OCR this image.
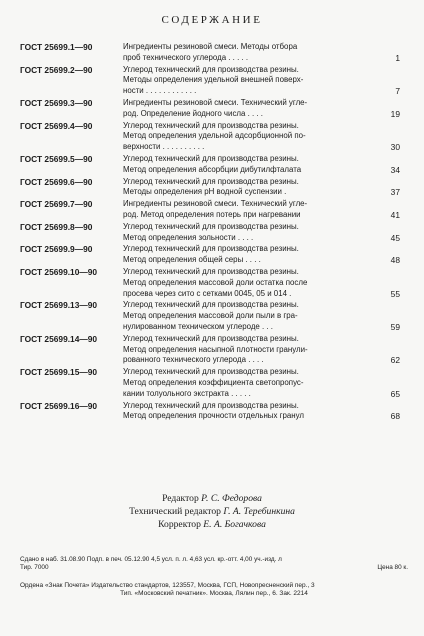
СОДЕРЖАНИЕ
ГОСТ 25699.1—90	Ингредиенты резиновой смеси. Методы отбора
проб технического углерода . . . . .	1
ГОСТ 25699.2—90	Углерод технический для производства резины.
Методы определения удельной внешней поверх-
ности . . . . . . . . . . . .	7
ГОСТ 25699.3—90	Ингредиенты резиновой смеси. Технический угле-
род. Определение йодного числа . . . .	19
ГОСТ 25699.4—90	Углерод технический для производства резины.
Метод определения удельной адсорбционной по-
верхности . . . . . . . . . .	30
ГОСТ 25699.5—90	Углерод технический для производства резины.
Метод определения абсорбции дибутилфталата	34
ГОСТ 25699.6—90	Углерод технический для производства резины.
Методы определения pH водной суспензии .	37
ГОСТ 25699.7—90	Ингредиенты резиновой смеси. Технический угле-
род. Метод определения потерь при нагревании	41
ГОСТ 25699.8—90	Углерод технический для производства резины.
Метод определения зольности . . . .	45
ГОСТ 25699.9—90	Углерод технический для производства резины.
Метод определения общей серы . . . .	48
ГОСТ 25699.10—90	Углерод технический для производства резины.
Метод определения массовой доли остатка после
просева через сито с сетками 0045, 05 и 014 .	55
ГОСТ 25699.13—90	Углерод технический для производства резины.
Метод определения массовой доли пыли в гра-
нулированном техническом углероде . . .	59
ГОСТ 25699.14—90	Углерод технический для производства резины.
Метод определения насыпной плотности гранули-
рованного технического углерода . . . .	62
ГОСТ 25699.15—90	Углерод технический для производства резины.
Метод определения коэффициента светопропус-
кании толуольного экстракта . . . . .	65
ГОСТ 25699.16—90	Углерод технический для производства резины.
Метод определения прочности отдельных гранул	68
Редактор Р. С. Федорова
Технический редактор Г. А. Теребинкина
Корректор Е. А. Богачкова
Сдано в наб. 31.08.90 Подп. в печ. 05.12.90 4,5 усл. п. л. 4,63 усл. кр.-отт. 4,00 уч.-изд. л
Тир. 7000	Цена 80 к.
Ордена «Знак Почета» Издательство стандартов, 123557, Москва, ГСП, Новопресненский пер., 3
Тип. «Московский печатник». Москва, Лялин пер., 6. Зак. 2214
